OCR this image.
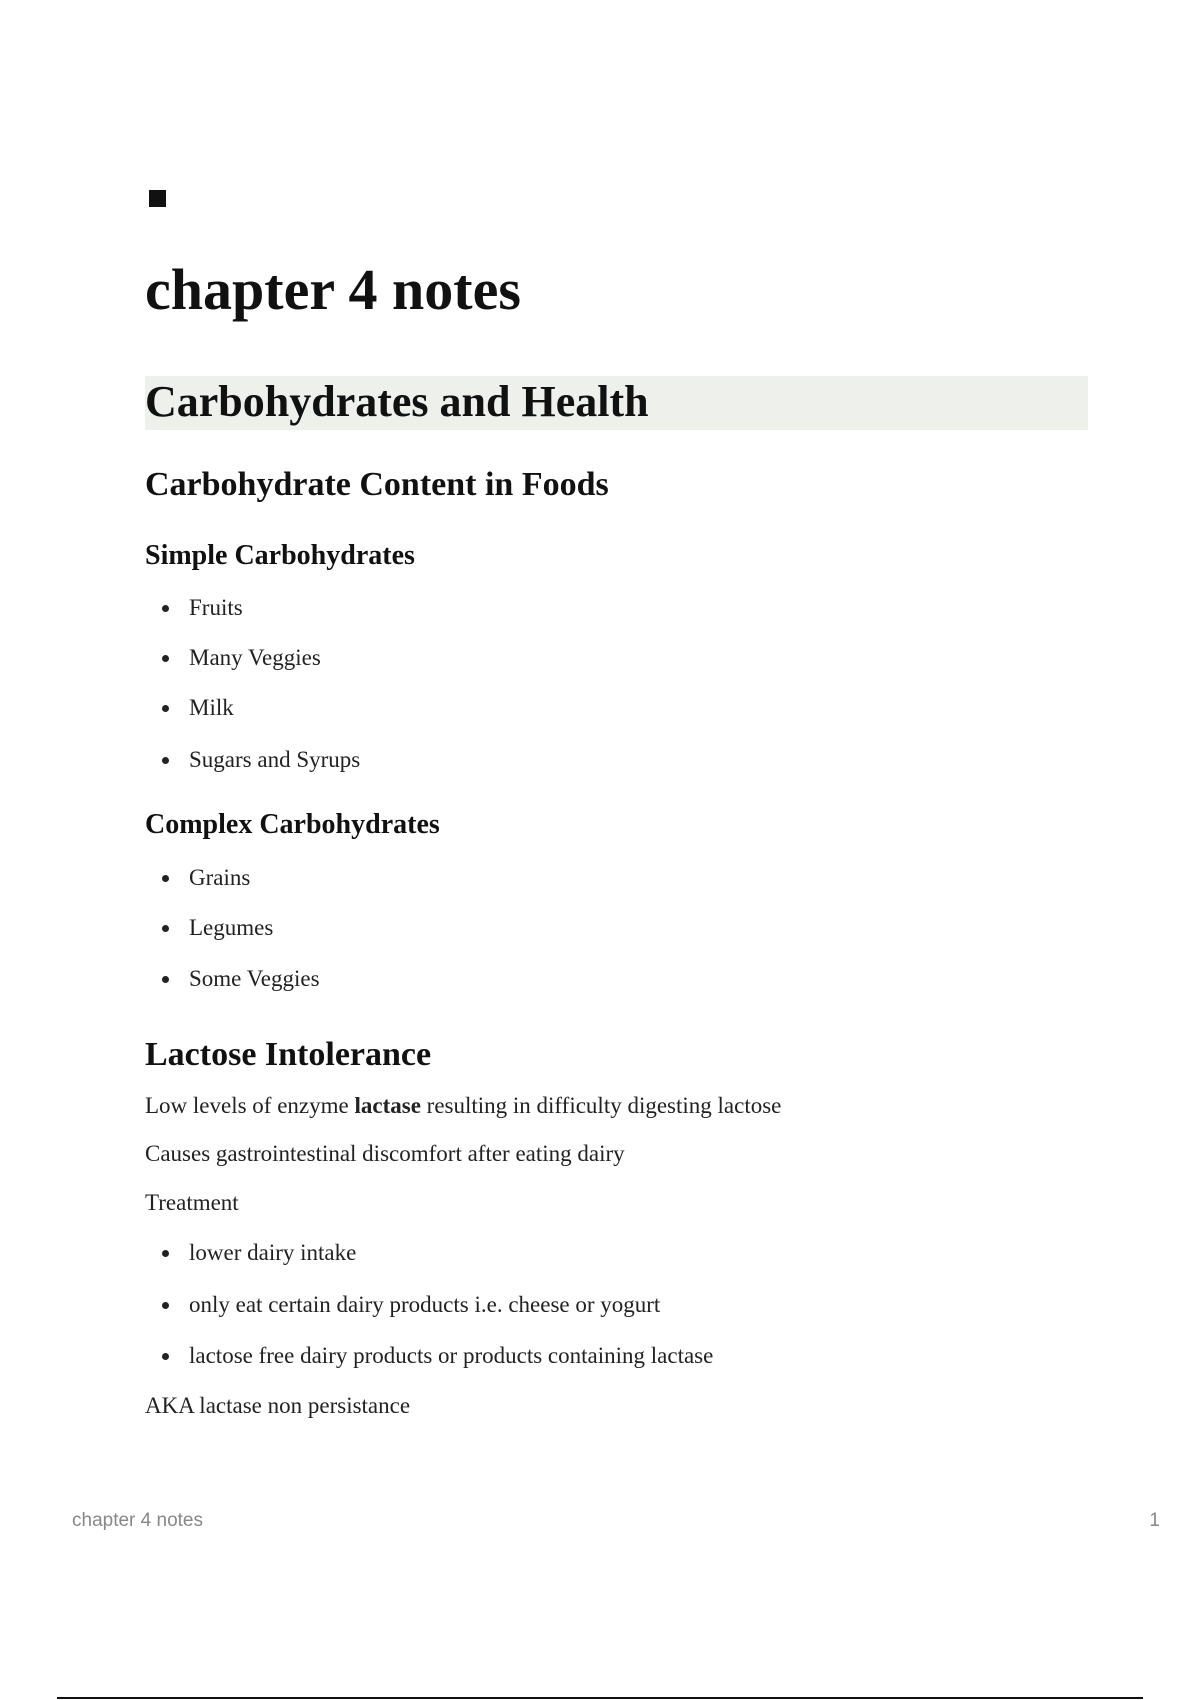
chapter 4 notes
Carbohydrates and Health
Carbohydrate Content in Foods
Simple Carbohydrates
Fruits
Many Veggies
Milk
Sugars and Syrups
Complex Carbohydrates
Grains
Legumes
Some Veggies
Lactose Intolerance

Low levels of enzyme lactase resulting in difficulty digesting lactose

Causes gastrointestinal discomfort after eating dairy

Treatment

lower dairy intake
only eat certain dairy products i.e. cheese or yogurt
lactose free dairy products or products containing lactase

AKA lactase non persistance

chapter 4 notes	1
